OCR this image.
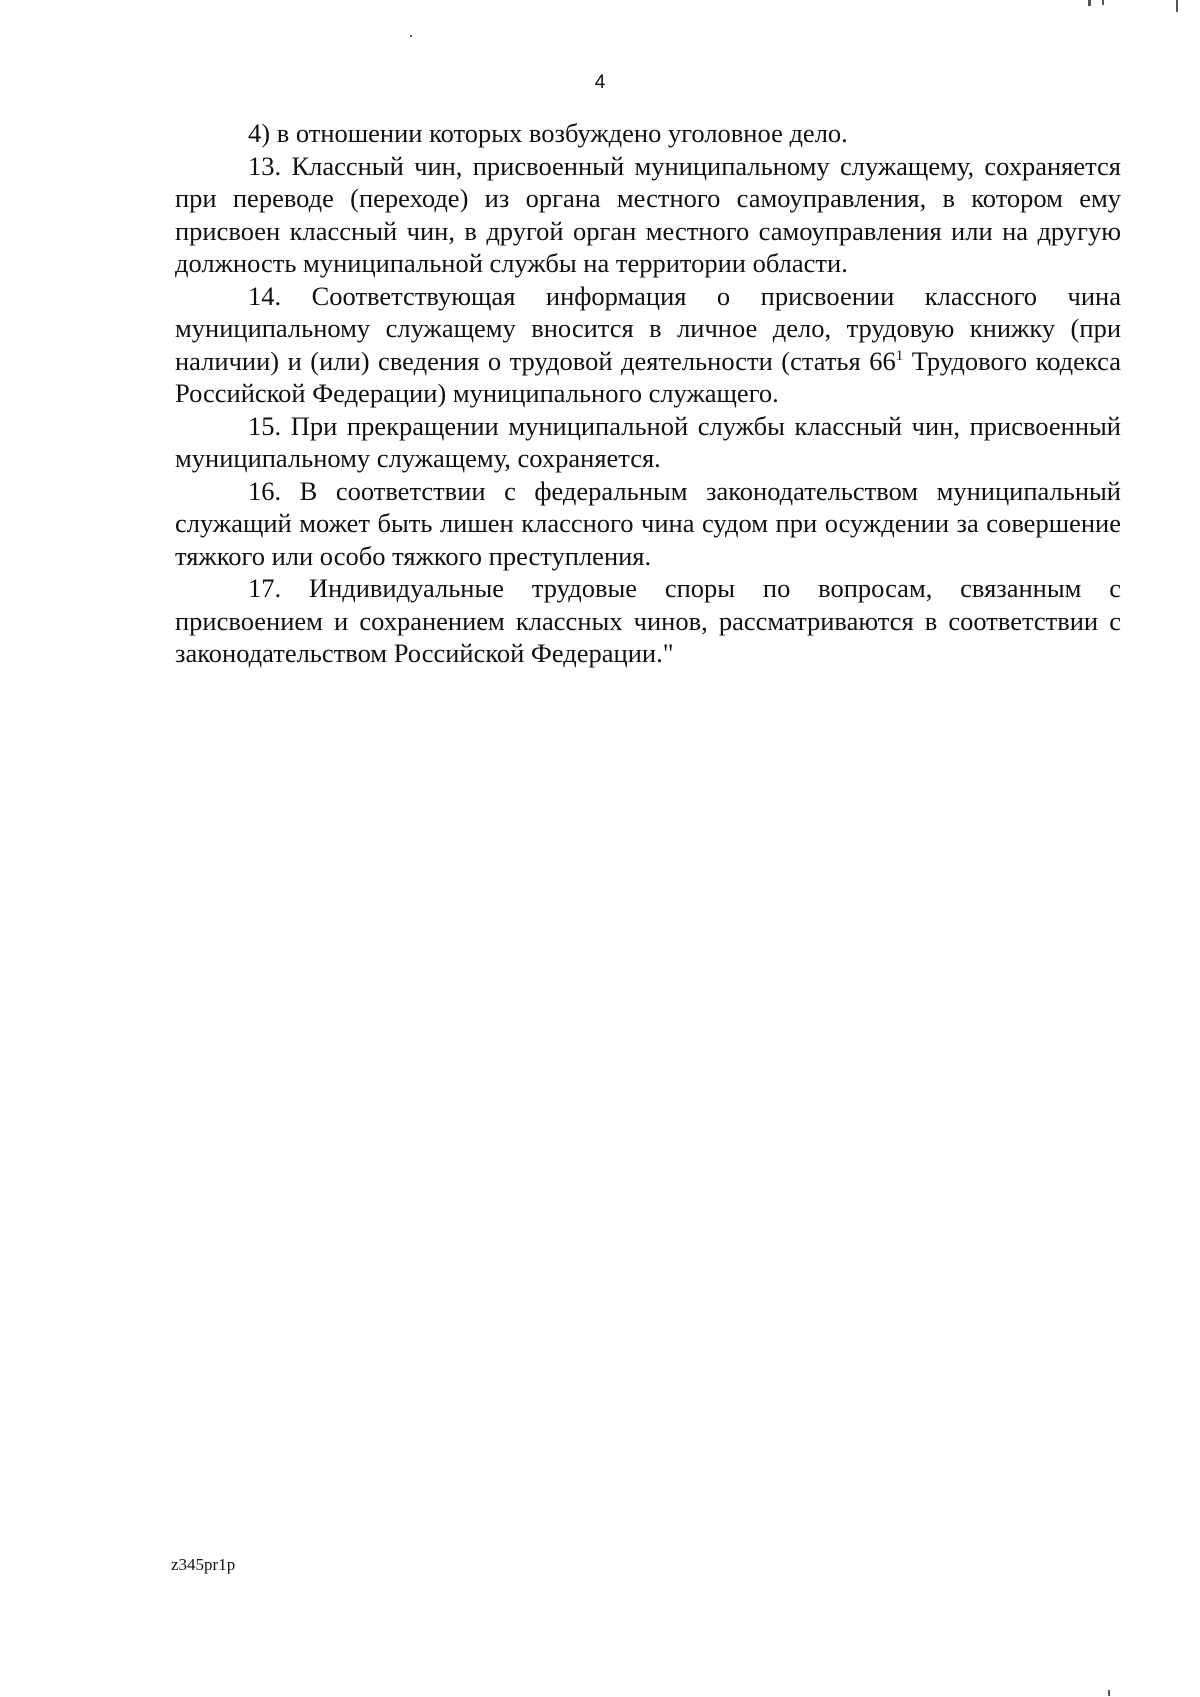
4

4) в отношении которых возбуждено уголовное дело.

13. Классный чин, присвоенный муниципальному служащему, сохраняется при переводе (переходе) из органа местного самоуправления, в котором ему присвоен классный чин, в другой орган местного самоуправления или на другую должность муниципальной службы на территории области.

14. Соответствующая информация о присвоении классного чина муниципальному служащему вносится в личное дело, трудовую книжку (при наличии) и (или) сведения о трудовой деятельности (статья $66^1$ Трудового кодекса Российской Федерации) муниципального служащего.

15. При прекращении муниципальной службы классный чин, присвоенный муниципальному служащему, сохраняется.

16. В соответствии с федеральным законодательством муниципальный служащий может быть лишен классного чина судом при осуждении за совершение тяжкого или особо тяжкого преступления.

17. Индивидуальные трудовые споры по вопросам, связанным с присвоением и сохранением классных чинов, рассматриваются в соответствии с законодательством Российской Федерации."

z345pr1p
